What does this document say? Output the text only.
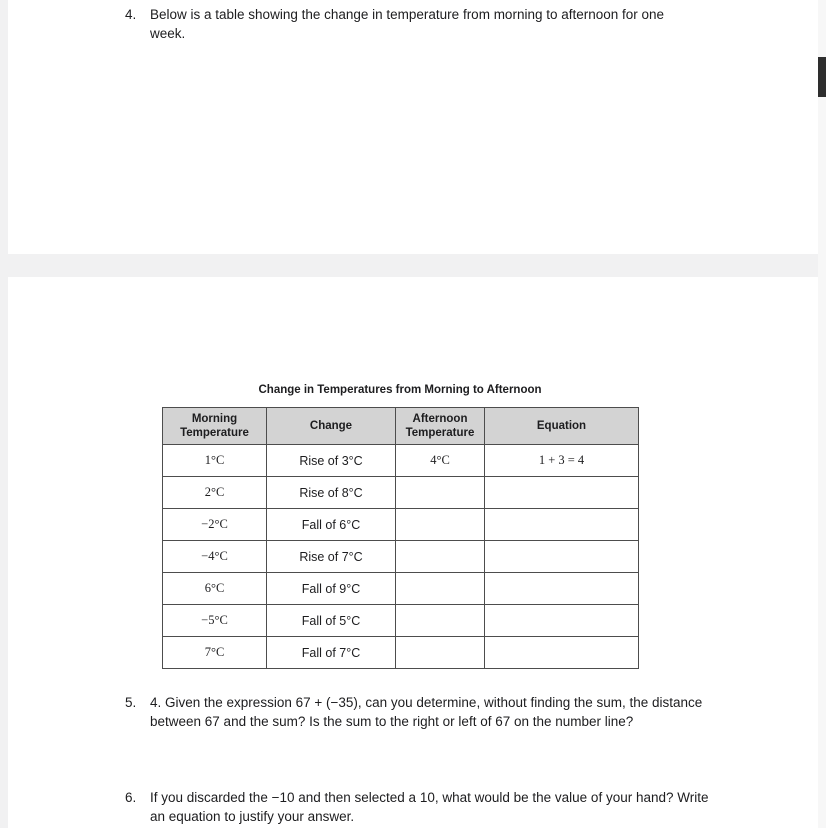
4.	Below is a table showing the change in temperature from morning to afternoon for one week.
Change in Temperatures from Morning to Afternoon
Morning Temperature	Change	Afternoon Temperature	Equation
1°C	Rise of 3°C	4°C	1 + 3 = 4
2°C	Rise of 8°C		
−2°C	Fall of 6°C		
−4°C	Rise of 7°C		
6°C	Fall of 9°C		
−5°C	Fall of 5°C		
7°C	Fall of 7°C		
5.	4. Given the expression 67 + (−35), can you determine, without finding the sum, the distance between 67 and the sum? Is the sum to the right or left of 67 on the number line?
6.	If you discarded the −10 and then selected a 10, what would be the value of your hand? Write an equation to justify your answer.
